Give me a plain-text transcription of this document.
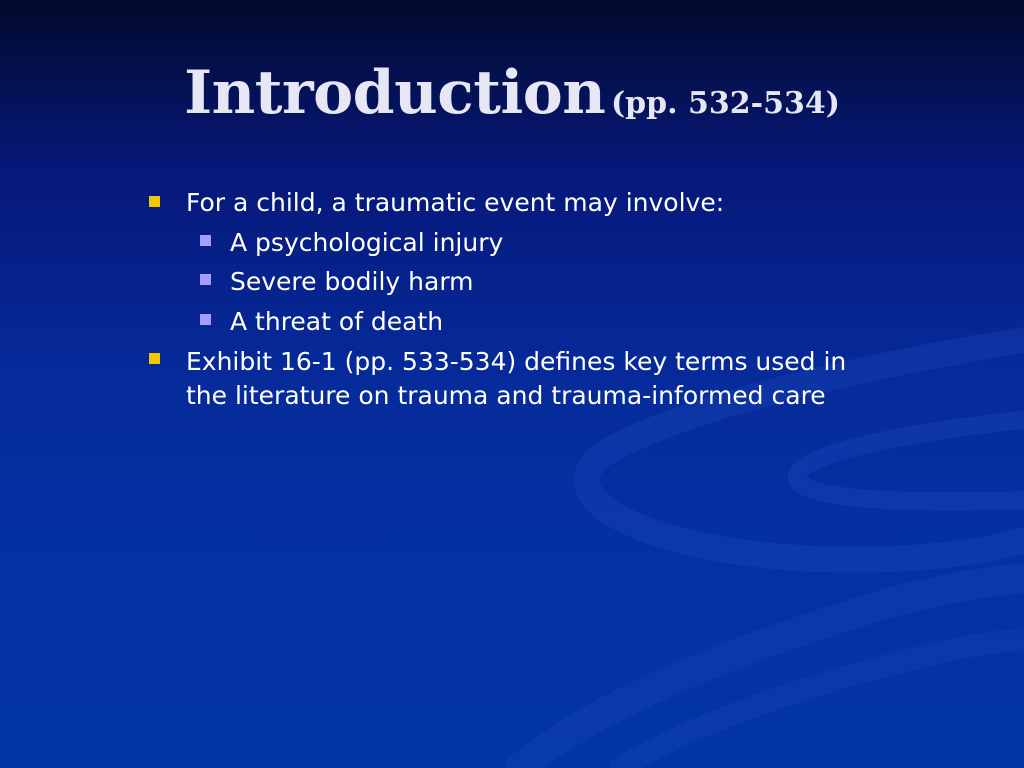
Introduction (pp. 532-534)
For a child, a traumatic event may involve:
A psychological injury
Severe bodily harm
A threat of death
Exhibit 16-1 (pp. 533-534) defines key terms used in the literature on trauma and trauma-informed care
